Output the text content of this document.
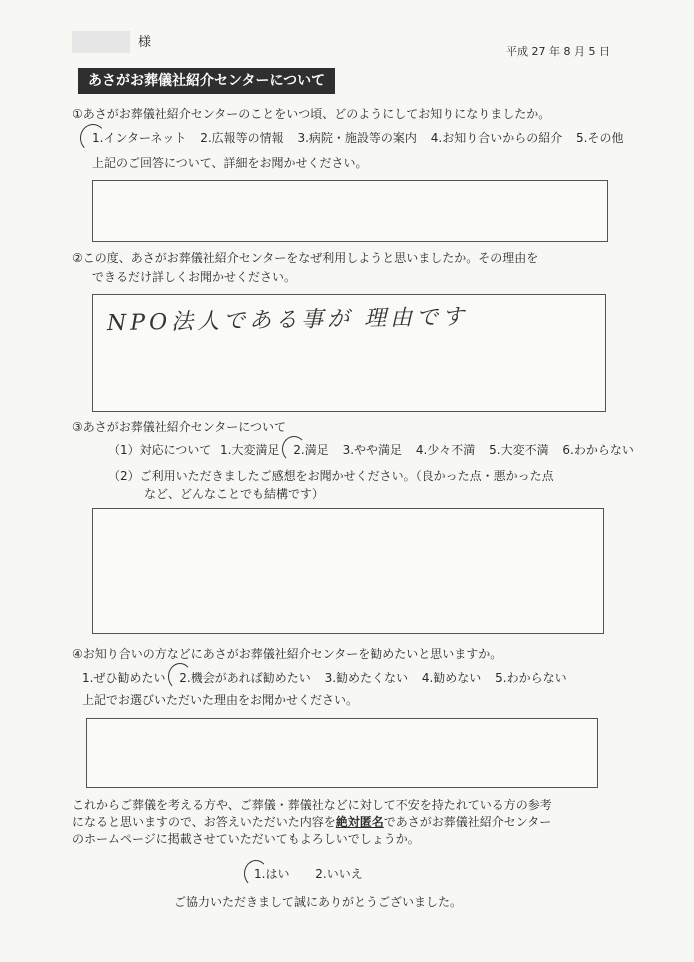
様
平成 27 年 8 月 5 日
あさがお葬儀社紹介センターについて
①あさがお葬儀社紹介センターのことをいつ頃、どのようにしてお知りになりましたか。
1.インターネット 2.広報等の情報 3.病院・施設等の案内 4.お知り合いからの紹介 5.その他
上記のご回答について、詳細をお聞かせください。
②この度、あさがお葬儀社紹介センターをなぜ利用しようと思いましたか。その理由を
できるだけ詳しくお聞かせください。
NPO法人である事が 理由です
③あさがお葬儀社紹介センターについて
（1）対応について 1.大変満足 2.満足 3.やや満足 4.少々不満 5.大変不満 6.わからない
（2）ご利用いただきましたご感想をお聞かせください。（良かった点・悪かった点
など、どんなことでも結構です）
④お知り合いの方などにあさがお葬儀社紹介センターを勧めたいと思いますか。
1.ぜひ勧めたい 2.機会があれば勧めたい 3.勧めたくない 4.勧めない 5.わからない
上記でお選びいただいた理由をお聞かせください。
これからご葬儀を考える方や、ご葬儀・葬儀社などに対して不安を持たれている方の参考
になると思いますので、お答えいただいた内容を絶対匿名であさがお葬儀社紹介センター
のホームページに掲載させていただいてもよろしいでしょうか。
1.はい 2.いいえ
ご協力いただきまして誠にありがとうございました。
